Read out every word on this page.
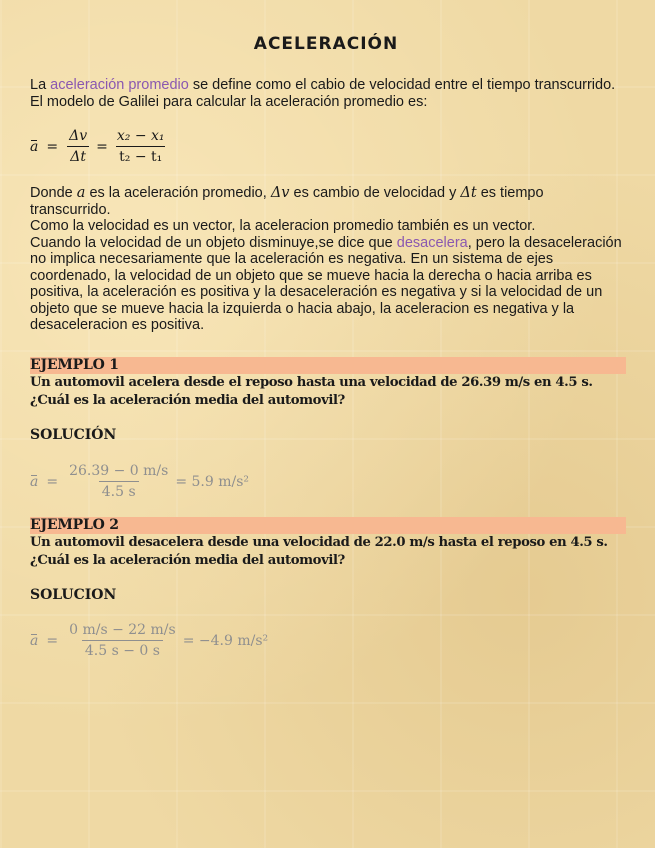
ACELERACIÓN
La aceleración promedio se define como el cabio de velocidad entre el tiempo transcurrido. El modelo de Galilei para calcular la aceleración promedio es:
$a = \frac{\Delta v}{\Delta t} = \frac{\text{x₂ − x₁}}{\text{t₂ − t₁}}$
Donde a es la aceleración promedio, Δv es cambio de velocidad y Δt es tiempo transcurrido.
Como la velocidad es un vector, la aceleracion promedio también es un vector.
Cuando la velocidad de un objeto disminuye,se dice que desacelera, pero la desaceleración no implica necesariamente que la aceleración es negativa. En un sistema de ejes coordenado, la velocidad de un objeto que se mueve hacia la derecha o hacia arriba es positiva, la aceleración es positiva y la desaceleración es negativa y si la velocidad de un objeto que se mueve hacia la izquierda o hacia abajo, la aceleracion es negativa y la desaceleracion es positiva.
EJEMPLO 1
Un automovil acelera desde el reposo hasta una velocidad de 26.39 m/s en 4.5 s. ¿Cuál es la aceleración media del automovil?
SOLUCIÓN
$a = \frac{26.39 - 0 m/s}{4.5 s} = 5.9$ m/s²
EJEMPLO 2
Un automovil desacelera desde una velocidad de 22.0 m/s hasta el reposo en 4.5 s. ¿Cuál es la aceleración media del automovil?
SOLUCION
$a = \frac{0 m/s - 22 m/s}{4.5 s - 0 s} = -4.9$ m/s²
